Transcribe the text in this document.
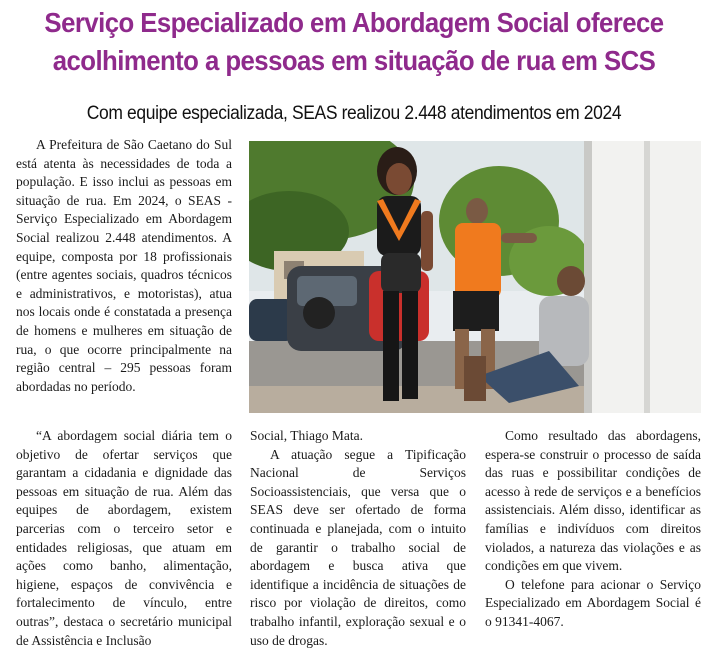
Serviço Especializado em Abordagem Social oferece
acolhimento a pessoas em situação de rua em SCS
Com equipe especializada, SEAS realizou 2.448 atendimentos em 2024

A Prefeitura de São Caetano do Sul está atenta às necessidades de toda a população. E isso inclui as pessoas em situação de rua. Em 2024, o SEAS - Serviço Especializado em Abordagem Social realizou 2.448 atendimentos. A equipe, composta por 18 profissionais (entre agentes sociais, quadros técnicos e administrativos, e motoristas), atua nos locais onde é constatada a presença de homens e mulheres em situação de rua, o que ocorre principalmente na região central – 295 pessoas foram abordadas no período.

“A abordagem social diária tem o objetivo de ofertar serviços que garantam a cidadania e dignidade das pessoas em situação de rua. Além das equipes de abordagem, existem parcerias com o terceiro setor e entidades religiosas, que atuam em ações como banho, alimentação, higiene, espaços de convivência e fortalecimento de vínculo, entre outras”, destaca o secretário municipal de Assistência e Inclusão

Social, Thiago Mata.

A atuação segue a Tipificação Nacional de Serviços Socioassistenciais, que versa que o SEAS deve ser ofertado de forma continuada e planejada, com o intuito de garantir o trabalho social de abordagem e busca ativa que identifique a incidência de situações de risco por violação de direitos, como trabalho infantil, exploração sexual e o uso de drogas.

Como resultado das abordagens, espera-se construir o processo de saída das ruas e possibilitar condições de acesso à rede de serviços e a benefícios assistenciais. Além disso, identificar as famílias e indivíduos com direitos violados, a natureza das violações e as condições em que vivem.

O telefone para acionar o Serviço Especializado em Abordagem Social é o 91341-4067.
